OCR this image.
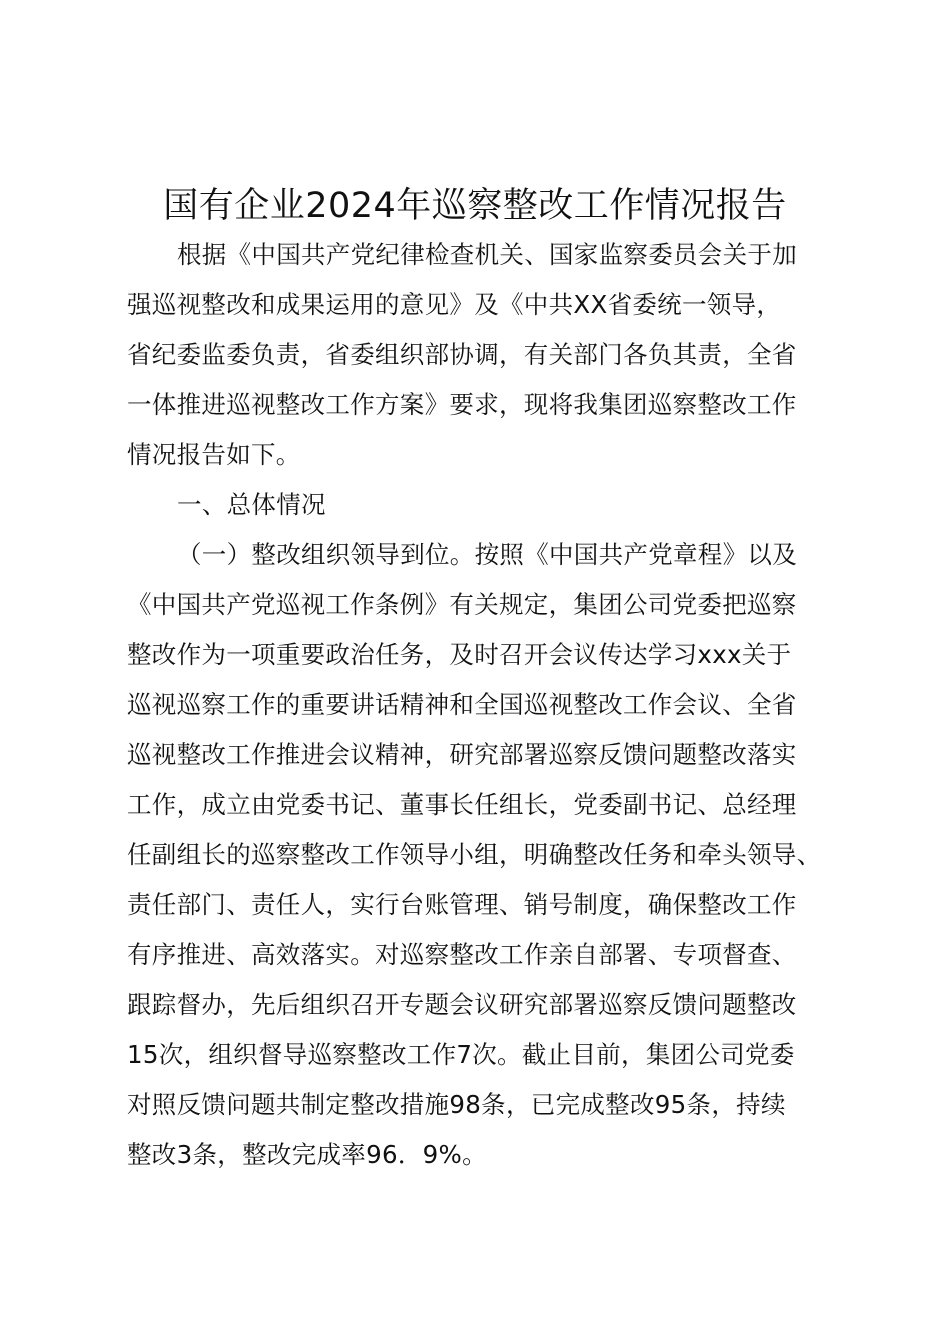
国有企业2024年巡察整改工作情况报告
根据《中国共产党纪律检查机关、国家监察委员会关于加
强巡视整改和成果运用的意见》及《中共XX省委统一领导，
省纪委监委负责，省委组织部协调，有关部门各负其责，全省
一体推进巡视整改工作方案》要求，现将我集团巡察整改工作
情况报告如下。
一、总体情况
（一）整改组织领导到位。按照《中国共产党章程》以及
《中国共产党巡视工作条例》有关规定，集团公司党委把巡察
整改作为一项重要政治任务，及时召开会议传达学习xxx关于
巡视巡察工作的重要讲话精神和全国巡视整改工作会议、全省
巡视整改工作推进会议精神，研究部署巡察反馈问题整改落实
工作，成立由党委书记、董事长任组长，党委副书记、总经理
任副组长的巡察整改工作领导小组，明确整改任务和牵头领导、
责任部门、责任人，实行台账管理、销号制度，确保整改工作
有序推进、高效落实。对巡察整改工作亲自部署、专项督查、
跟踪督办，先后组织召开专题会议研究部署巡察反馈问题整改
15次，组织督导巡察整改工作7次。截止目前，集团公司党委
对照反馈问题共制定整改措施98条，已完成整改95条，持续
整改3条，整改完成率96．9%。
